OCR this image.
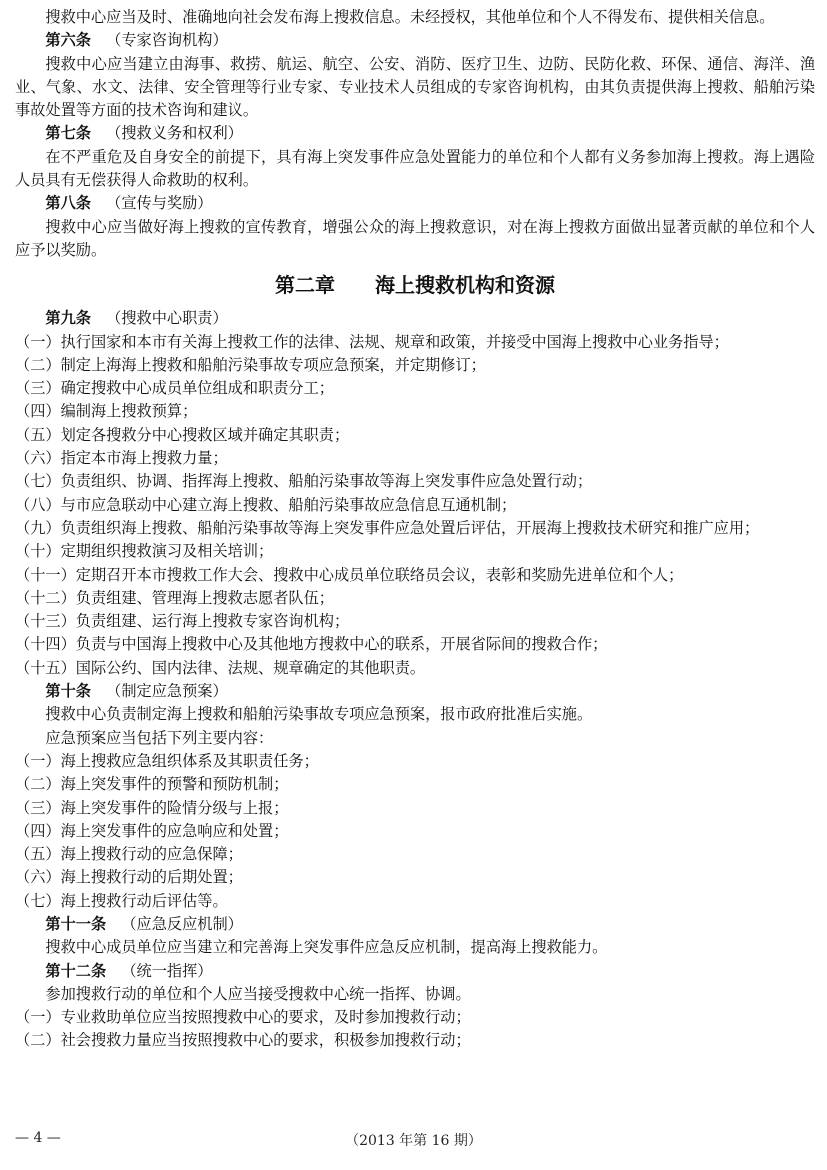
搜救中心应当及时、准确地向社会发布海上搜救信息。未经授权，其他单位和个人不得发布、提供相关信息。

第六条 （专家咨询机构）

搜救中心应当建立由海事、救捞、航运、航空、公安、消防、医疗卫生、边防、民防化救、环保、通信、海洋、渔业、气象、水文、法律、安全管理等行业专家、专业技术人员组成的专家咨询机构，由其负责提供海上搜救、船舶污染事故处置等方面的技术咨询和建议。

第七条 （搜救义务和权利）

在不严重危及自身安全的前提下，具有海上突发事件应急处置能力的单位和个人都有义务参加海上搜救。海上遇险人员具有无偿获得人命救助的权利。

第八条 （宣传与奖励）

搜救中心应当做好海上搜救的宣传教育，增强公众的海上搜救意识，对在海上搜救方面做出显著贡献的单位和个人应予以奖励。

第二章 海上搜救机构和资源

第九条 （搜救中心职责）

（一）执行国家和本市有关海上搜救工作的法律、法规、规章和政策，并接受中国海上搜救中心业务指导；

（二）制定上海海上搜救和船舶污染事故专项应急预案，并定期修订；

（三）确定搜救中心成员单位组成和职责分工；

（四）编制海上搜救预算；

（五）划定各搜救分中心搜救区域并确定其职责；

（六）指定本市海上搜救力量；

（七）负责组织、协调、指挥海上搜救、船舶污染事故等海上突发事件应急处置行动；

（八）与市应急联动中心建立海上搜救、船舶污染事故应急信息互通机制；

（九）负责组织海上搜救、船舶污染事故等海上突发事件应急处置后评估，开展海上搜救技术研究和推广应用；

（十）定期组织搜救演习及相关培训；

（十一）定期召开本市搜救工作大会、搜救中心成员单位联络员会议，表彰和奖励先进单位和个人；

（十二）负责组建、管理海上搜救志愿者队伍；

（十三）负责组建、运行海上搜救专家咨询机构；

（十四）负责与中国海上搜救中心及其他地方搜救中心的联系，开展省际间的搜救合作；

（十五）国际公约、国内法律、法规、规章确定的其他职责。

第十条 （制定应急预案）

搜救中心负责制定海上搜救和船舶污染事故专项应急预案，报市政府批准后实施。

应急预案应当包括下列主要内容：

（一）海上搜救应急组织体系及其职责任务；

（二）海上突发事件的预警和预防机制；

（三）海上突发事件的险情分级与上报；

（四）海上突发事件的应急响应和处置；

（五）海上搜救行动的应急保障；

（六）海上搜救行动的后期处置；

（七）海上搜救行动后评估等。

第十一条 （应急反应机制）

搜救中心成员单位应当建立和完善海上突发事件应急反应机制，提高海上搜救能力。

第十二条 （统一指挥）

参加搜救行动的单位和个人应当接受搜救中心统一指挥、协调。

（一）专业救助单位应当按照搜救中心的要求，及时参加搜救行动；

（二）社会搜救力量应当按照搜救中心的要求，积极参加搜救行动；

— 4 —	（2013 年第 16 期）
